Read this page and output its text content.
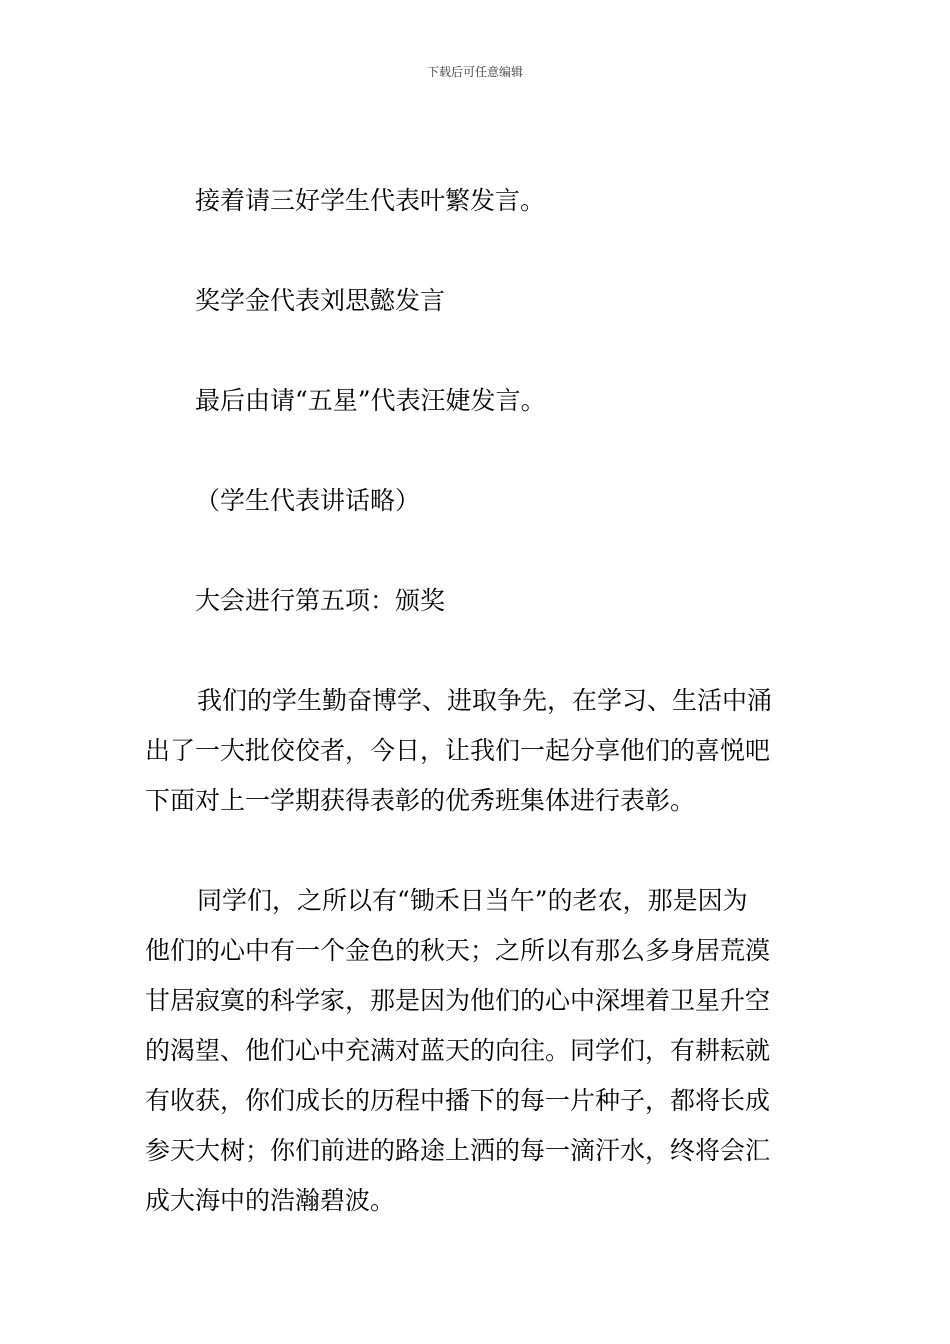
下载后可任意编辑

接着请三好学生代表叶繁发言。

奖学金代表刘思懿发言

最后由请“五星”代表汪婕发言。

（学生代表讲话略）

大会进行第五项：颁奖

我们的学生勤奋博学、进取争先，在学习、生活中涌
出了一大批佼佼者，今日，让我们一起分享他们的喜悦吧
下面对上一学期获得表彰的优秀班集体进行表彰。
同学们，之所以有“锄禾日当午”的老农，那是因为
他们的心中有一个金色的秋天；之所以有那么多身居荒漠
甘居寂寞的科学家，那是因为他们的心中深埋着卫星升空
的渴望、他们心中充满对蓝天的向往。同学们，有耕耘就
有收获，你们成长的历程中播下的每一片种子，都将长成
参天大树；你们前进的路途上洒的每一滴汗水，终将会汇
成大海中的浩瀚碧波。
